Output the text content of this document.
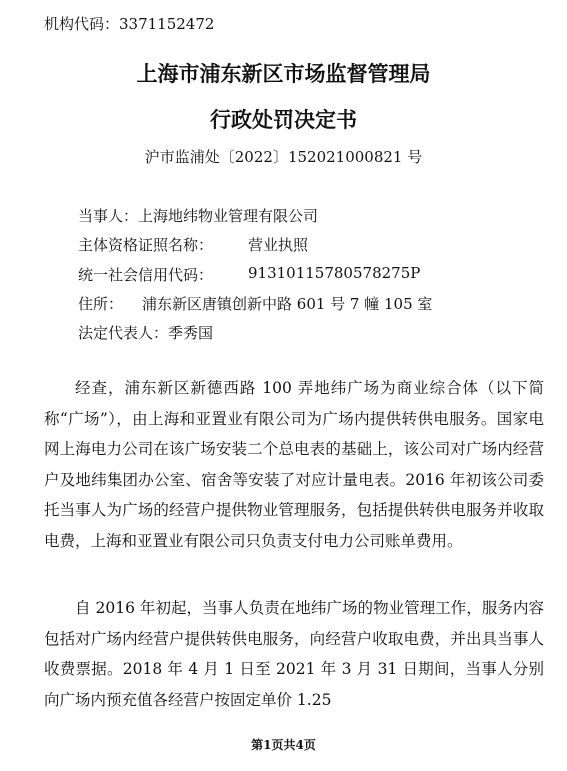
机构代码：3371152472
上海市浦东新区市场监督管理局
行政处罚决定书
沪市监浦处〔2022〕152021000821 号
当事人：上海地纬物业管理有限公司
主体资格证照名称： 营业执照
统一社会信用代码： 91310115780578275P
住所： 浦东新区唐镇创新中路 601 号 7 幢 105 室
法定代表人：季秀国
经查，浦东新区新德西路 100 弄地纬广场为商业综合体（以下简称“广场”），由上海和亚置业有限公司为广场内提供转供电服务。国家电网上海电力公司在该广场安装二个总电表的基础上，该公司对广场内经营户及地纬集团办公室、宿舍等安装了对应计量电表。2016 年初该公司委托当事人为广场的经营户提供物业管理服务，包括提供转供电服务并收取电费，上海和亚置业有限公司只负责支付电力公司账单费用。
自 2016 年初起，当事人负责在地纬广场的物业管理工作，服务内容包括对广场内经营户提供转供电服务，向经营户收取电费，并出具当事人收费票据。2018 年 4 月 1 日至 2021 年 3 月 31 日期间，当事人分别向广场内预充值各经营户按固定单价 1.25
第1页共4页
